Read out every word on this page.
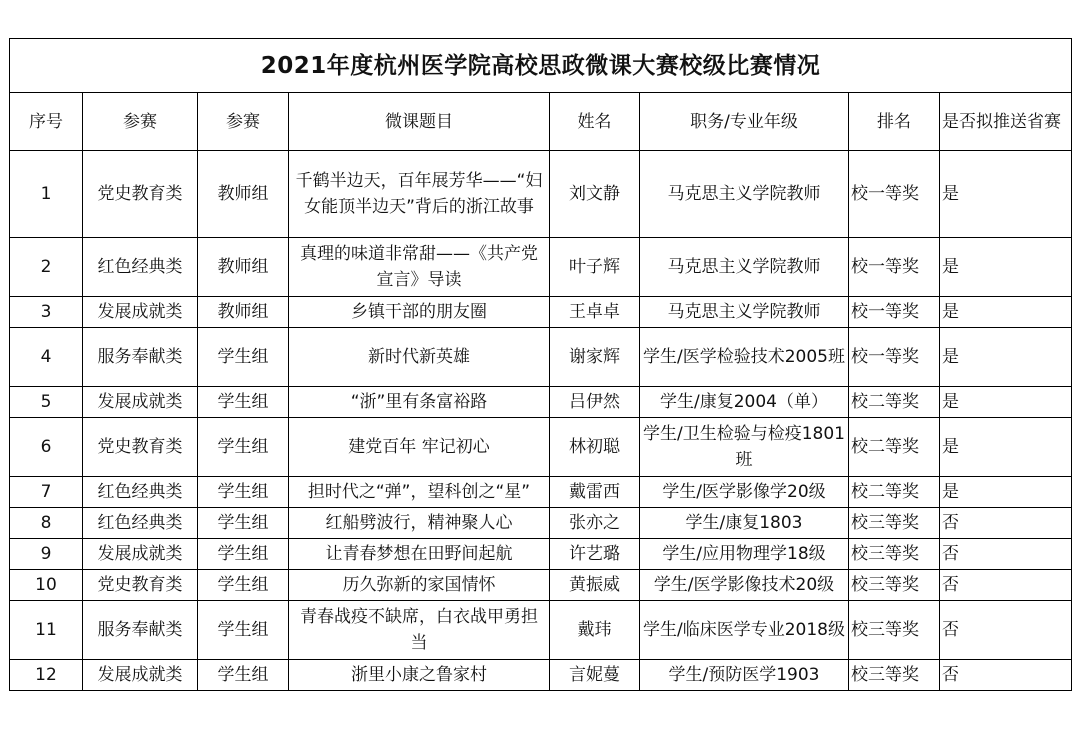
2021年度杭州医学院高校思政微课大赛校级比赛情况							
序号	参赛	参赛	微课题目	姓名	职务/专业年级	排名	是否拟推送省赛
1	党史教育类	教师组	千鹤半边天，百年展芳华——“妇女能顶半边天”背后的浙江故事	刘文静	马克思主义学院教师	校一等奖	是
2	红色经典类	教师组	真理的味道非常甜——《共产党宣言》导读	叶子辉	马克思主义学院教师	校一等奖	是
3	发展成就类	教师组	乡镇干部的朋友圈	王卓卓	马克思主义学院教师	校一等奖	是
4	服务奉献类	学生组	新时代新英雄	谢家辉	学生/医学检验技术2005班	校一等奖	是
5	发展成就类	学生组	“浙”里有条富裕路	吕伊然	学生/康复2004（单）	校二等奖	是
6	党史教育类	学生组	建党百年 牢记初心	林初聪	学生/卫生检验与检疫1801班	校二等奖	是
7	红色经典类	学生组	担时代之“弹”，望科创之“星”	戴雷西	学生/医学影像学20级	校二等奖	是
8	红色经典类	学生组	红船劈波行，精神聚人心	张亦之	学生/康复1803	校三等奖	否
9	发展成就类	学生组	让青春梦想在田野间起航	许艺璐	学生/应用物理学18级	校三等奖	否
10	党史教育类	学生组	历久弥新的家国情怀	黄振威	学生/医学影像技术20级	校三等奖	否
11	服务奉献类	学生组	青春战疫不缺席，白衣战甲勇担当	戴玮	学生/临床医学专业2018级	校三等奖	否
12	发展成就类	学生组	浙里小康之鲁家村	言妮蔓	学生/预防医学1903	校三等奖	否
